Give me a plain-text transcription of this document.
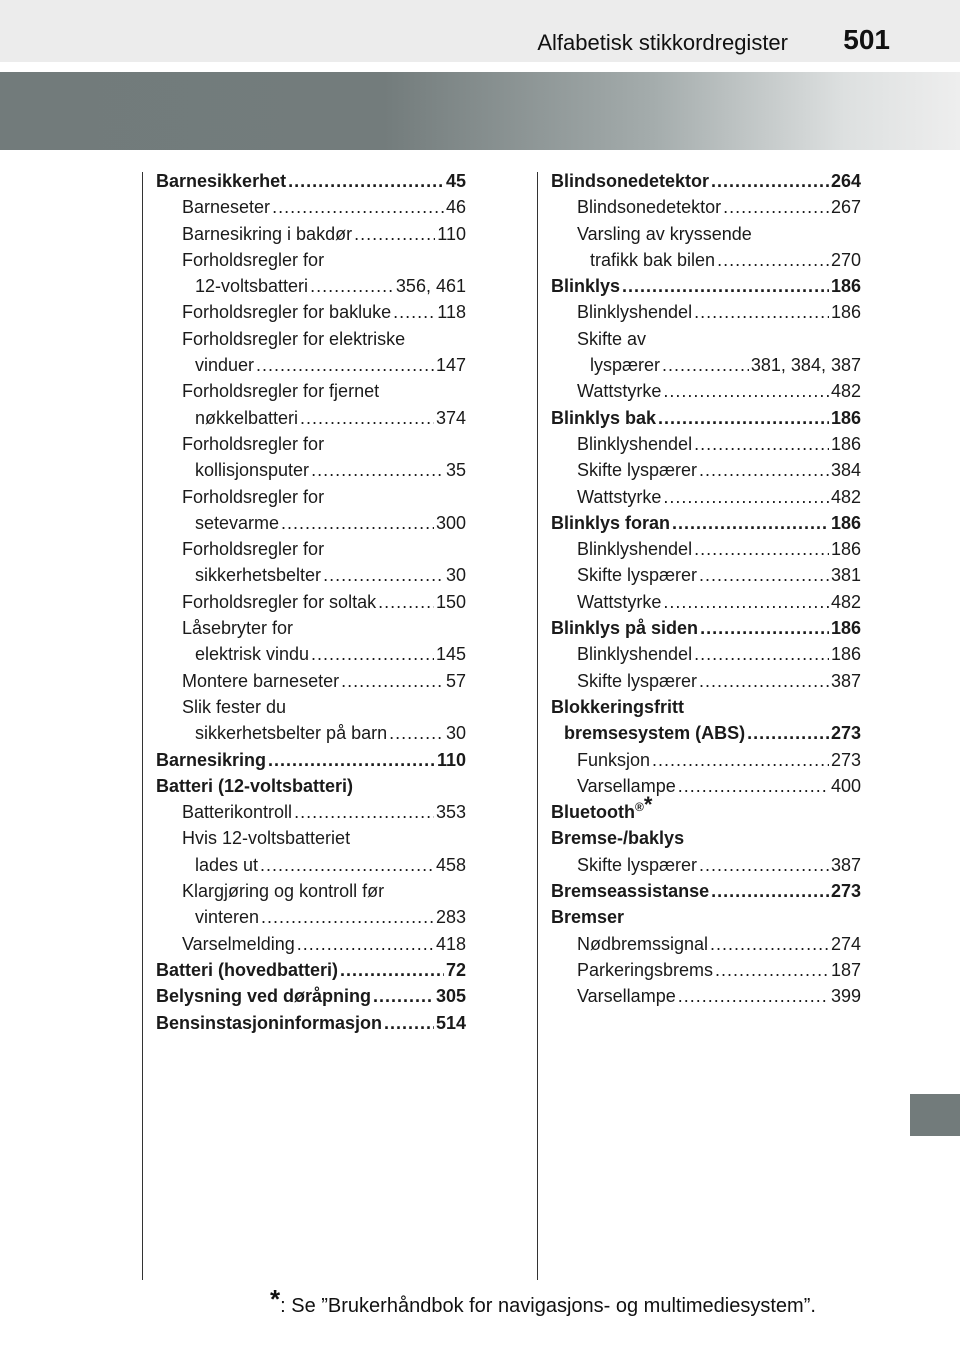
Alfabetisk stikkordregister 501
Barnesikkerhet .....	45
Barneseter .....	46
Barnesikring i bakdør .....	110
Forholdsregler for
12-voltsbatteri .....	356, 461
Forholdsregler for bakluke .....	118
Forholdsregler for elektriske
vinduer .....	147
Forholdsregler for fjernet
nøkkelbatteri .....	374
Forholdsregler for
kollisjonsputer .....	35
Forholdsregler for
setevarme .....	300
Forholdsregler for
sikkerhetsbelter .....	30
Forholdsregler for soltak .....	150
Låsebryter for
elektrisk vindu .....	145
Montere barneseter .....	57
Slik fester du
sikkerhetsbelter på barn .....	30
Barnesikring .....	110
Batteri (12-voltsbatteri)
Batterikontroll .....	353
Hvis 12-voltsbatteriet
lades ut .....	458
Klargjøring og kontroll før
vinteren .....	283
Varselmelding .....	418
Batteri (hovedbatteri) .....	72
Belysning ved døråpning .....	305
Bensinstasjoninformasjon .....	514
Blindsonedetektor .....	264
Blindsonedetektor .....	267
Varsling av kryssende
trafikk bak bilen .....	270
Blinklys .....	186
Blinklyshendel .....	186
Skifte av
lyspærer .....	381, 384, 387
Wattstyrke .....	482
Blinklys bak .....	186
Blinklyshendel .....	186
Skifte lyspærer .....	384
Wattstyrke .....	482
Blinklys foran .....	186
Blinklyshendel .....	186
Skifte lyspærer .....	381
Wattstyrke .....	482
Blinklys på siden .....	186
Blinklyshendel .....	186
Skifte lyspærer .....	387
Blokkeringsfritt
bremsesystem (ABS) .....	273
Funksjon .....	273
Varsellampe .....	400
Bluetooth®*
Bremse-/baklys
Skifte lyspærer .....	387
Bremseassistanse .....	273
Bremser
Nødbremssignal .....	274
Parkeringsbrems .....	187
Varsellampe .....	399
*: Se ”Brukerhåndbok for navigasjons- og multimediesystem”.
